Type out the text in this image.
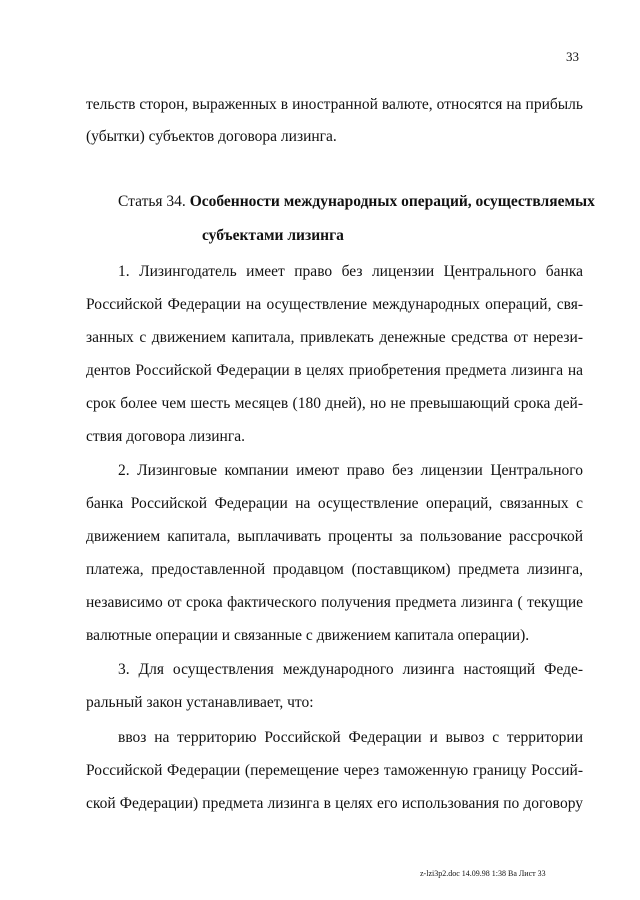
33
тельств сторон, выраженных в иностранной валюте, относятся на прибыль
(убытки) субъектов договора лизинга.
Статья 34. Особенности международных операций, осуществляемых
субъектами лизинга
1. Лизингодатель имеет право без лицензии Центрального банка
Российской Федерации на осуществление международных операций, свя-
занных с движением капитала, привлекать денежные средства от нерези-
дентов Российской Федерации в целях приобретения предмета лизинга на
срок более чем шесть месяцев (180 дней), но не превышающий срока дей-
ствия договора лизинга.
2. Лизинговые компании имеют право без лицензии Центрального
банка Российской Федерации на осуществление операций, связанных с
движением капитала, выплачивать проценты за пользование рассрочкой
платежа, предоставленной продавцом (поставщиком) предмета лизинга,
независимо от срока фактического получения предмета лизинга ( текущие
валютные операции и связанные с движением капитала операции).
3. Для осуществления международного лизинга настоящий Феде-
ральный закон устанавливает, что:
ввоз на территорию Российской Федерации и вывоз с территории
Российской Федерации (перемещение через таможенную границу Россий-
ской Федерации) предмета лизинга в целях его использования по договору
z-lzi3p2.doc 14.09.98 1:38 Ва Лист 33
